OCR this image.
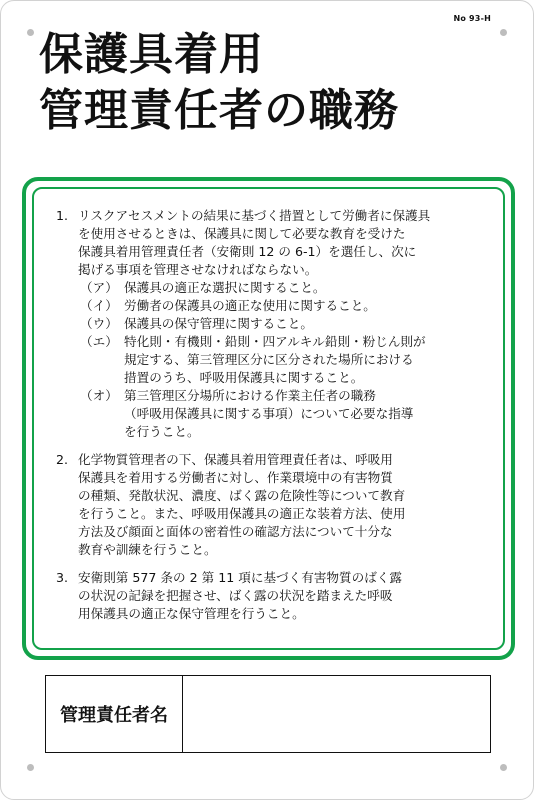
No 93-H
保護具着用
管理責任者の職務
1. リスクアセスメントの結果に基づく措置として労働者に保護具
を使用させるときは、保護具に関して必要な教育を受けた
保護具着用管理責任者（安衛則 12 の 6-1）を選任し、次に
掲げる事項を管理させなければならない。
（ア） 保護具の適正な選択に関すること。
（イ） 労働者の保護具の適正な使用に関すること。
（ウ） 保護具の保守管理に関すること。
（エ） 特化則・有機則・鉛則・四アルキル鉛則・粉じん則が
規定する、第三管理区分に区分された場所における
措置のうち、呼吸用保護具に関すること。
（オ） 第三管理区分場所における作業主任者の職務
（呼吸用保護具に関する事項）について必要な指導
を行うこと。
2. 化学物質管理者の下、保護具着用管理責任者は、呼吸用
保護具を着用する労働者に対し、作業環境中の有害物質
の種類、発散状況、濃度、ばく露の危険性等について教育
を行うこと。また、呼吸用保護具の適正な装着方法、使用
方法及び顔面と面体の密着性の確認方法について十分な
教育や訓練を行うこと。
3. 安衛則第 577 条の 2 第 11 項に基づく有害物質のばく露
の状況の記録を把握させ、ばく露の状況を踏まえた呼吸
用保護具の適正な保守管理を行うこと。
管理責任者名
